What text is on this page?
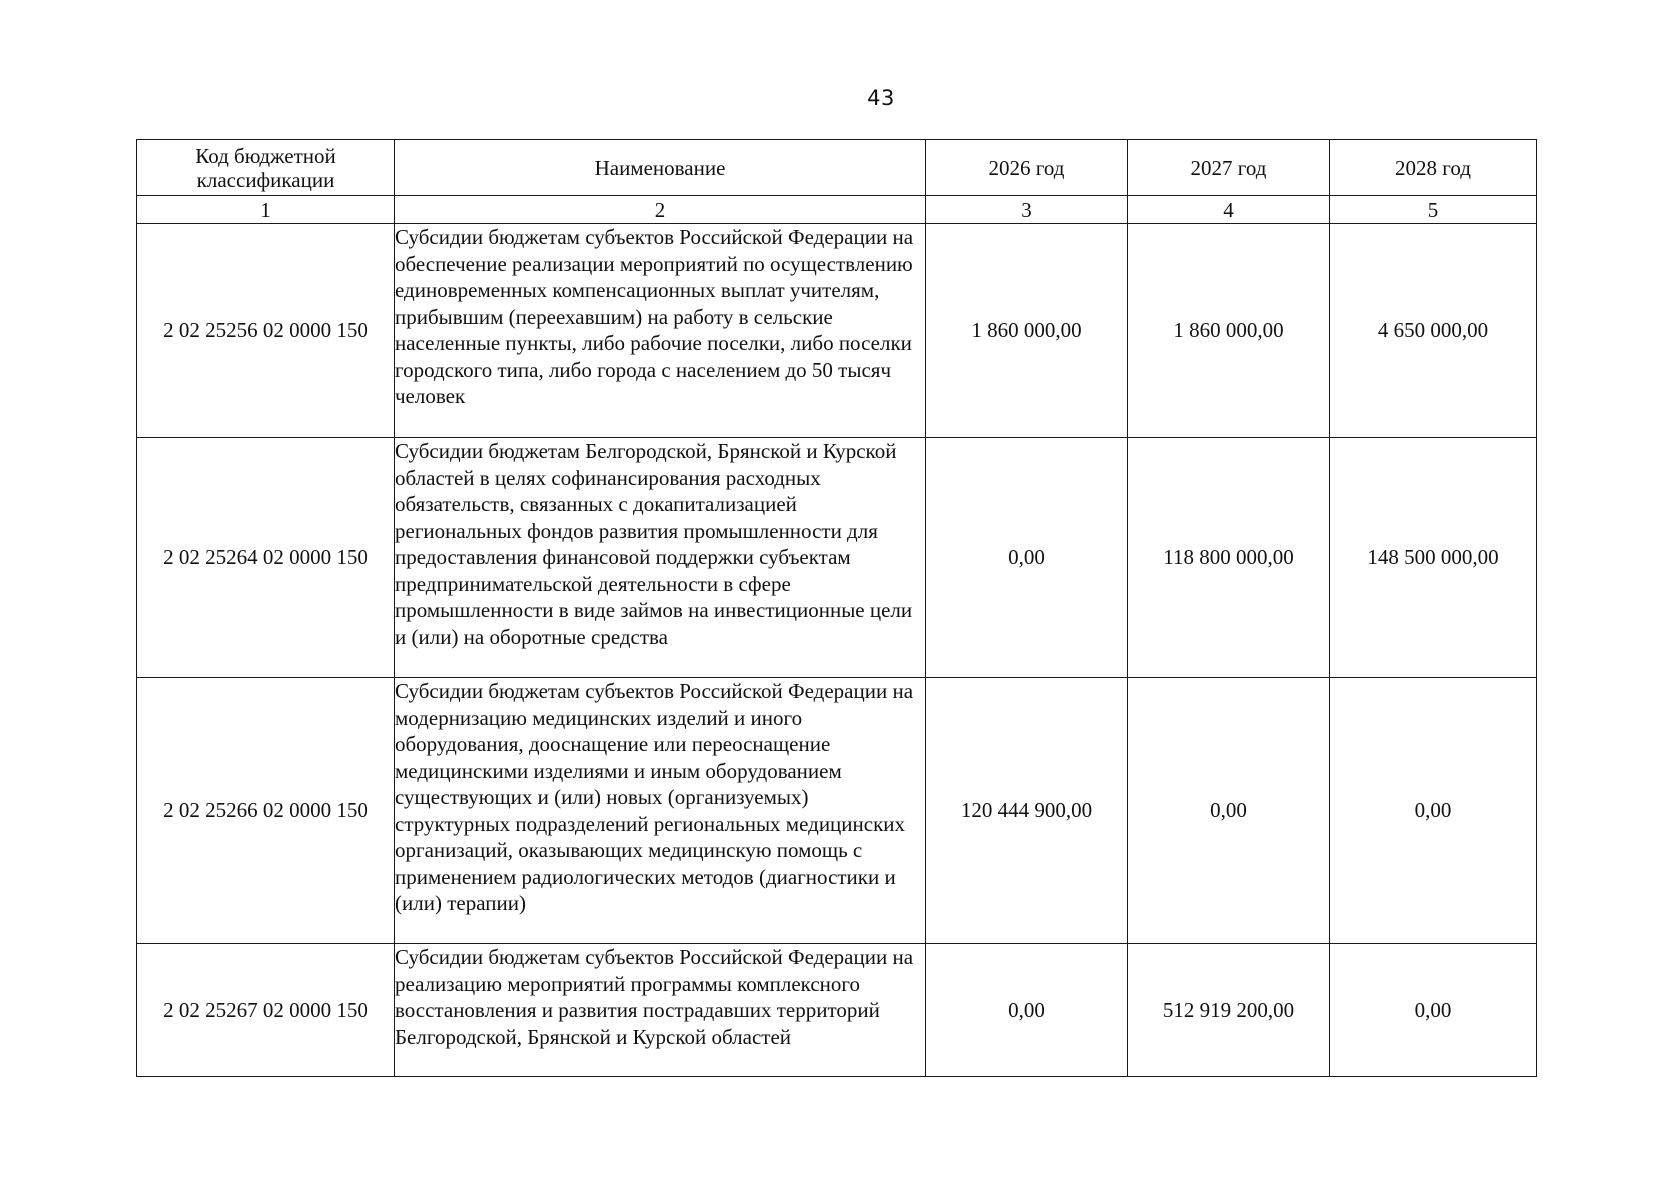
43
Код бюджетной классификации	Наименование	2026 год	2027 год	2028 год
1	2	3	4	5
2 02 25256 02 0000 150	Субсидии бюджетам субъектов Российской Федерации на обеспечение реализации мероприятий по осуществлению единовременных компенсационных выплат учителям, прибывшим (переехавшим) на работу в сельские населенные пункты, либо рабочие поселки, либо поселки городского типа, либо города с населением до 50 тысяч человек	1 860 000,00	1 860 000,00	4 650 000,00
2 02 25264 02 0000 150	Субсидии бюджетам Белгородской, Брянской и Курской областей в целях софинансирования расходных обязательств, связанных с докапитализацией региональных фондов развития промышленности для предоставления финансовой поддержки субъектам предпринимательской деятельности в сфере промышленности в виде займов на инвестиционные цели и (или) на оборотные средства	0,00	118 800 000,00	148 500 000,00
2 02 25266 02 0000 150	Субсидии бюджетам субъектов Российской Федерации на модернизацию медицинских изделий и иного оборудования, дооснащение или переоснащение медицинскими изделиями и иным оборудованием существующих и (или) новых (организуемых) структурных подразделений региональных медицинских организаций, оказывающих медицинскую помощь с применением радиологических методов (диагностики и (или) терапии)	120 444 900,00	0,00	0,00
2 02 25267 02 0000 150	Субсидии бюджетам субъектов Российской Федерации на реализацию мероприятий программы комплексного восстановления и развития пострадавших территорий Белгородской, Брянской и Курской областей	0,00	512 919 200,00	0,00
